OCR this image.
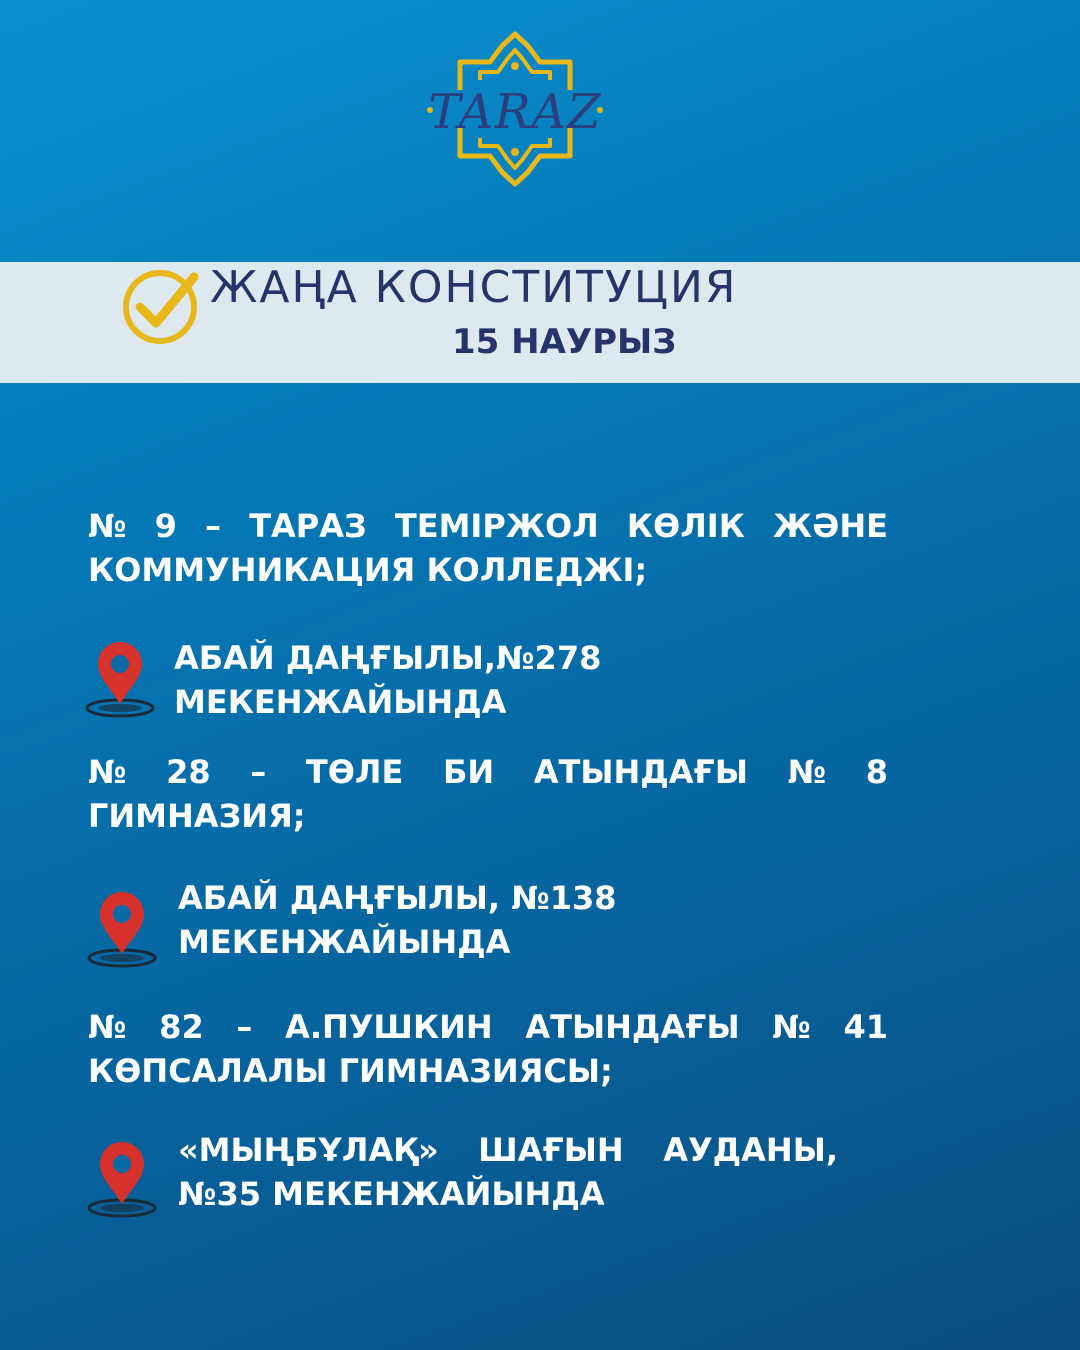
TARAZ
ЖАҢА КОНСТИТУЦИЯ
15 НАУРЫЗ
№ 9 – ТАРАЗ ТЕМІРЖОЛ КӨЛІК ЖӘНЕ
КОММУНИКАЦИЯ КОЛЛЕДЖІ;
АБАЙ ДАҢҒЫЛЫ,№278
МЕКЕНЖАЙЫНДА
№ 28 – ТӨЛЕ БИ АТЫНДАҒЫ № 8
ГИМНАЗИЯ;
АБАЙ ДАҢҒЫЛЫ, №138
МЕКЕНЖАЙЫНДА
№ 82 – А.ПУШКИН АТЫНДАҒЫ № 41
КӨПСАЛАЛЫ ГИМНАЗИЯСЫ;
«МЫҢБҰЛАҚ» ШАҒЫН АУДАНЫ,
№35 МЕКЕНЖАЙЫНДА
